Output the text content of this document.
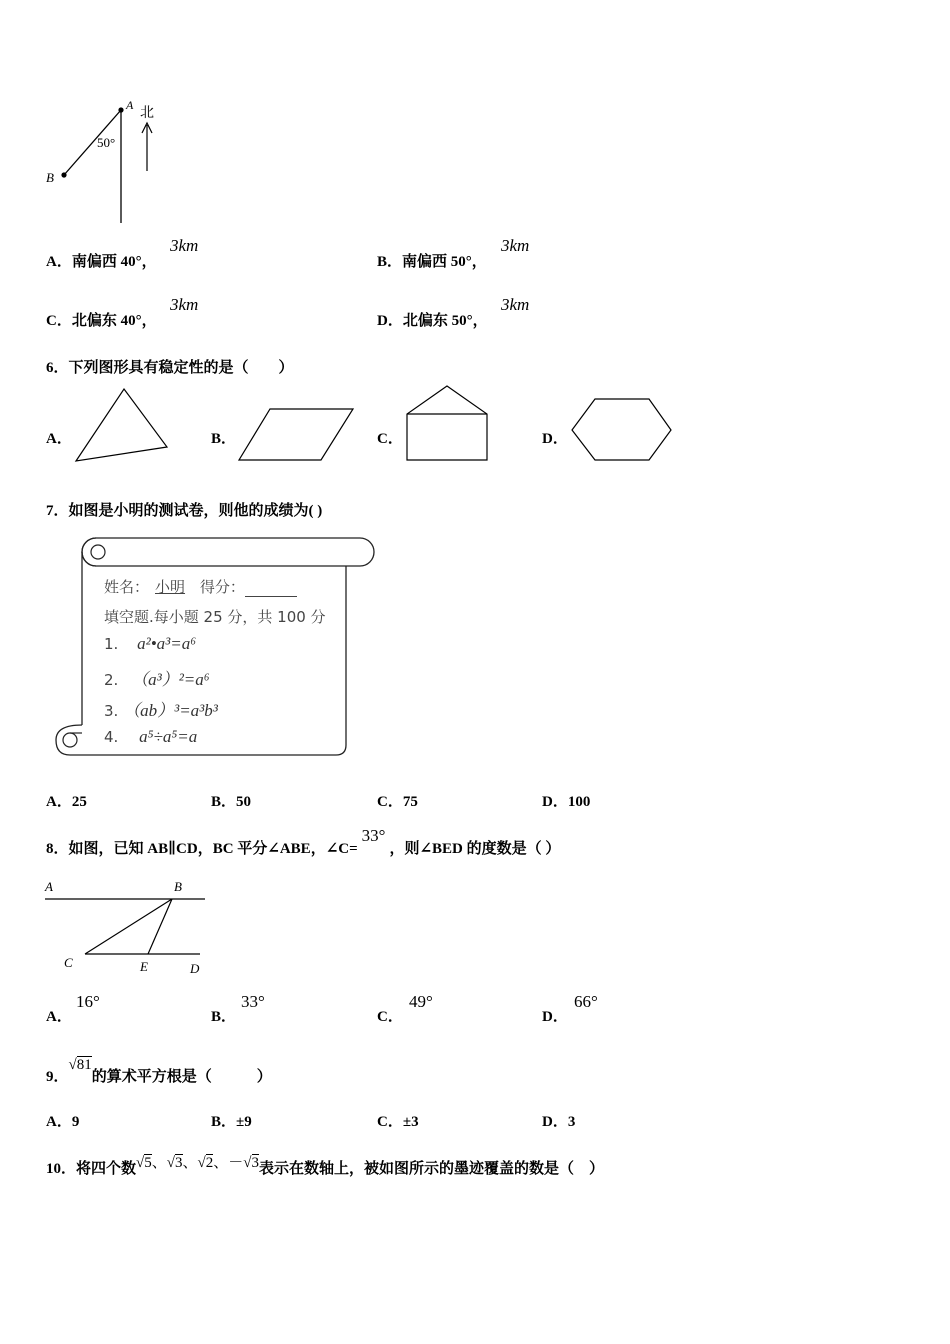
A
B
北
50°
A．南偏西 40°，
3km
B．南偏西 50°，
3km
C．北偏东 40°，
3km
D．北偏东 50°，
3km
6．下列图形具有稳定性的是（　　）
A．	B．	C．	D．
7．如图是小明的测试卷，则他的成绩为( )
姓名： 小明 得分：
填空题.每小题 25 分，共 100 分
1. a²•a³=a⁶
2. （a³）²=a⁶
3. （ab）³=a³b³
4. a⁵÷a⁵=a
A．25	B．50	C．75	D．100
8．如图，已知 AB∥CD，BC 平分∠ABE，∠C=33°，则∠BED 的度数是（ ）
A	B
C	E	D
A．
16°
B．
33°
C．
49°
D．
66°
9．√81的算术平方根是（　　　）
A．9	B．±9	C．±3	D．3
10．将四个数√5、√3、√2、－√3表示在数轴上，被如图所示的墨迹覆盖的数是（　）
